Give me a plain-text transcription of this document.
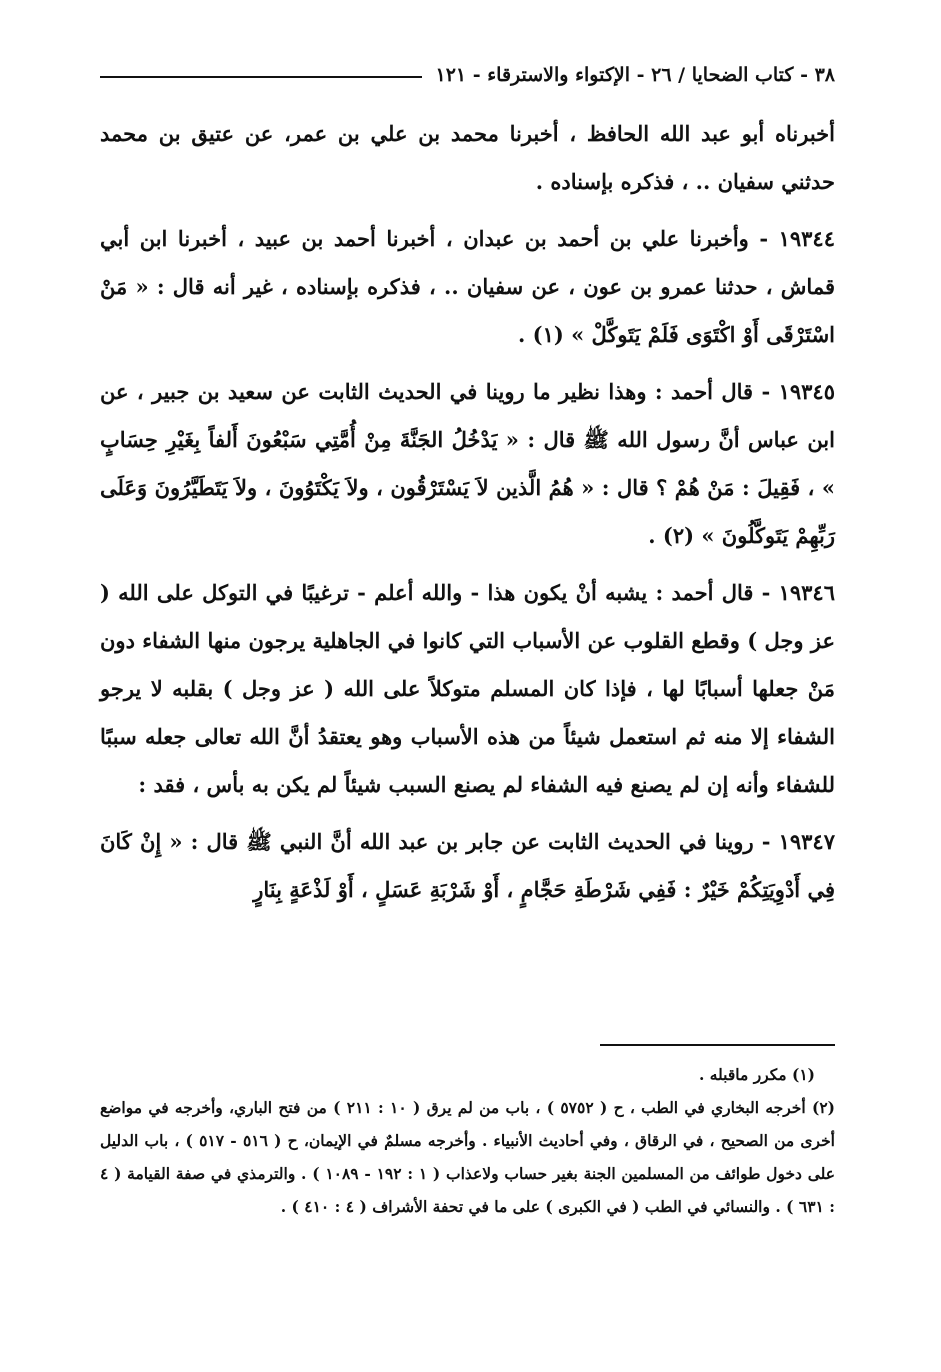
٣٨ - كتاب الضحايا / ٢٦ - الإكتواء والاسترقاء - ١٢١

أخبرناه أبو عبد الله الحافظ ، أخبرنا محمد بن علي بن عمر، عن عتيق بن محمد حدثني سفيان .. ، فذكره بإسناده .

١٩٣٤٤ - وأخبرنا علي بن أحمد بن عبدان ، أخبرنا أحمد بن عبيد ، أخبرنا ابن أبي قماش ، حدثنا عمرو بن عون ، عن سفيان .. ، فذكره بإسناده ، غير أنه قال : « مَنْ اسْتَرْقَى أَوْ اكْتَوَى فَلَمْ يَتَوكَّلْ » (١) .

١٩٣٤٥ - قال أحمد : وهذا نظير ما روينا في الحديث الثابت عن سعيد بن جبير ، عن ابن عباس أنَّ رسول الله ﷺ قال : « يَدْخُلُ الجَنَّةَ مِنْ أُمَّتِي سَبْعُونَ أَلفاً بِغَيْرِ حِسَابٍ » ، فَقِيلَ : مَنْ هُمْ ؟ قال : « هُمُ الَّذين لاَ يَسْتَرْقُون ، ولاَ يَكْتَوُونَ ، ولاَ يَتَطَيَّرُونَ وَعَلَى رَبِّهِمْ يَتَوكَّلُونَ » (٢) .

١٩٣٤٦ - قال أحمد : يشبه أنْ يكون هذا - والله أعلم - ترغيبًا في التوكل على الله ( عز وجل ) وقطع القلوب عن الأسباب التي كانوا في الجاهلية يرجون منها الشفاء دون مَنْ جعلها أسبابًا لها ، فإذا كان المسلم متوكلاً على الله ( عز وجل ) بقلبه لا يرجو الشفاء إلا منه ثم استعمل شيئاً من هذه الأسباب وهو يعتقدُ أنَّ الله تعالى جعله سببًا للشفاء وأنه إن لم يصنع فيه الشفاء لم يصنع السبب شيئاً لم يكن به بأس ، فقد :

١٩٣٤٧ - روينا في الحديث الثابت عن جابر بن عبد الله أنَّ النبي ﷺ قال : « إِنْ كَانَ فِي أَدْوِيَتِكُمْ خَيْرٌ : فَفِي شَرْطَةِ حَجَّامٍ ، أَوْ شَرْبَةِ عَسَلٍ ، أَوْ لَذْعَةٍ بِنَارٍ

(١) مكرر ماقبله .

(٢) أخرجه البخاري في الطب ، ح ( ٥٧٥٢ ) ، باب من لم يرق ( ١٠ : ٢١١ ) من فتح الباري، وأخرجه في مواضع أخرى من الصحيح ، في الرقاق ، وفي أحاديث الأنبياء . وأخرجه مسلمٌ في الإيمان، ح ( ٥١٦ - ٥١٧ ) ، باب الدليل على دخول طوائف من المسلمين الجنة بغير حساب ولاعذاب ( ١ : ١٩٢ - ١٠٨٩ ) . والترمذي في صفة القيامة ( ٤ : ٦٣١ ) . والنسائي في الطب ( في الكبرى ) على ما في تحفة الأشراف ( ٤ : ٤١٠ ) .
